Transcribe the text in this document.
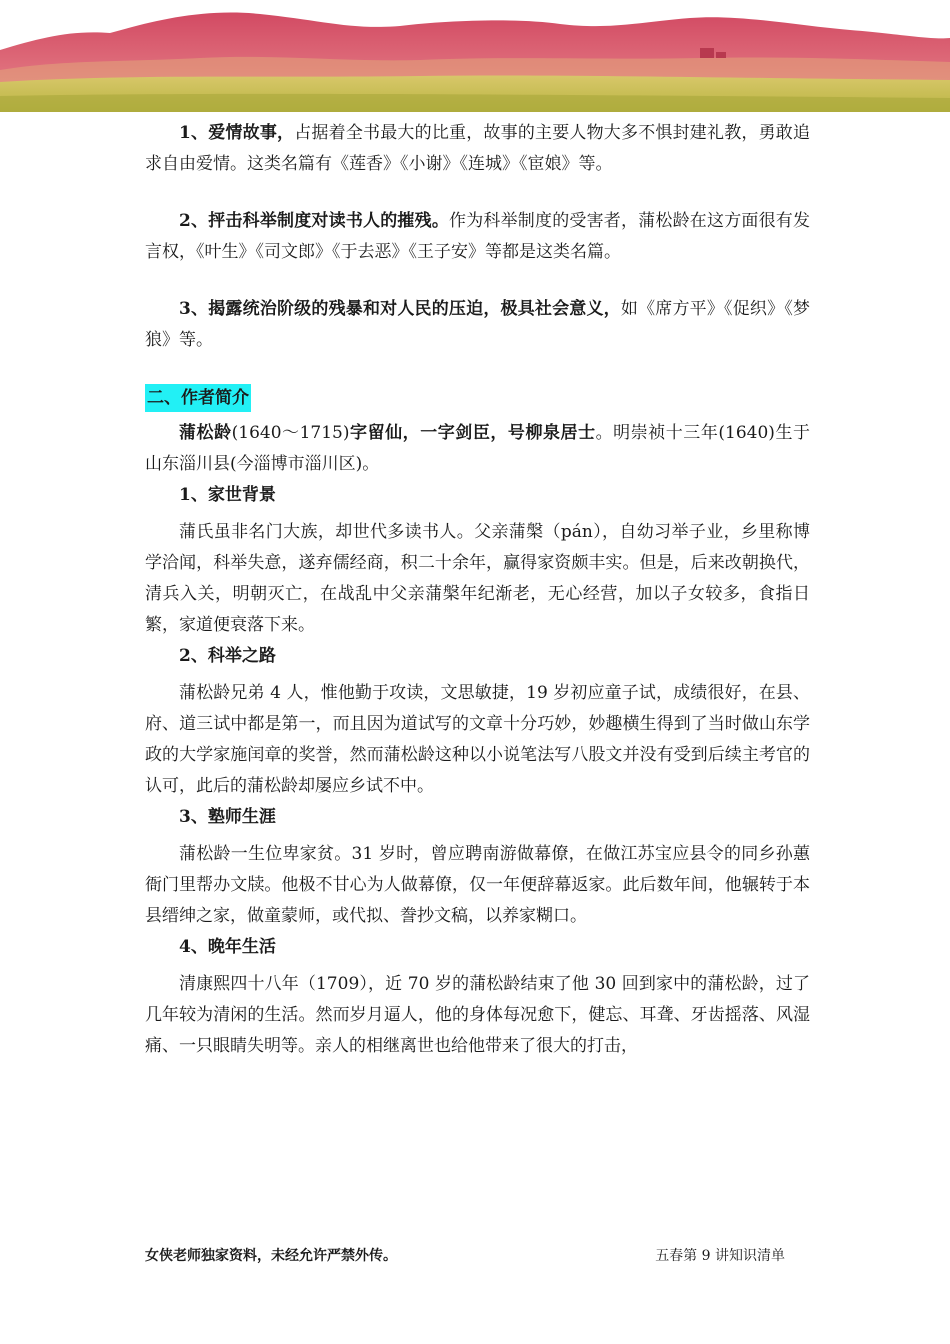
1、爱情故事，占据着全书最大的比重，故事的主要人物大多不惧封建礼教，勇敢追求自由爱情。这类名篇有《莲香》《小谢》《连城》《宦娘》等。

2、抨击科举制度对读书人的摧残。作为科举制度的受害者，蒲松龄在这方面很有发言权，《叶生》《司文郎》《于去恶》《王子安》等都是这类名篇。

3、揭露统治阶级的残暴和对人民的压迫，极具社会意义，如《席方平》《促织》《梦狼》等。

二、作者简介

蒲松龄(1640～1715)字留仙，一字剑臣，号柳泉居士。明崇祯十三年(1640)生于山东淄川县(今淄博市淄川区)。

1、家世背景

蒲氏虽非名门大族，却世代多读书人。父亲蒲槃（pán），自幼习举子业，乡里称博学洽闻，科举失意，遂弃儒经商，积二十余年，赢得家资颇丰实。但是，后来改朝换代，清兵入关，明朝灭亡，在战乱中父亲蒲槃年纪渐老，无心经营，加以子女较多，食指日繁，家道便衰落下来。

2、科举之路

蒲松龄兄弟 4 人，惟他勤于攻读，文思敏捷，19 岁初应童子试，成绩很好，在县、府、道三试中都是第一，而且因为道试写的文章十分巧妙，妙趣横生得到了当时做山东学政的大学家施闰章的奖誉，然而蒲松龄这种以小说笔法写八股文并没有受到后续主考官的认可，此后的蒲松龄却屡应乡试不中。

3、塾师生涯

蒲松龄一生位卑家贫。31 岁时，曾应聘南游做幕僚，在做江苏宝应县令的同乡孙蕙衙门里帮办文牍。他极不甘心为人做幕僚，仅一年便辞幕返家。此后数年间，他辗转于本县缙绅之家，做童蒙师，或代拟、誊抄文稿，以养家糊口。

4、晚年生活

清康熙四十八年（1709），近 70 岁的蒲松龄结束了他 30 回到家中的蒲松龄，过了几年较为清闲的生活。然而岁月逼人，他的身体每况愈下，健忘、耳聋、牙齿摇落、风湿痛、一只眼睛失明等。亲人的相继离世也给他带来了很大的打击，

女侠老师独家资料，未经允许严禁外传。	五春第 9 讲知识清单
